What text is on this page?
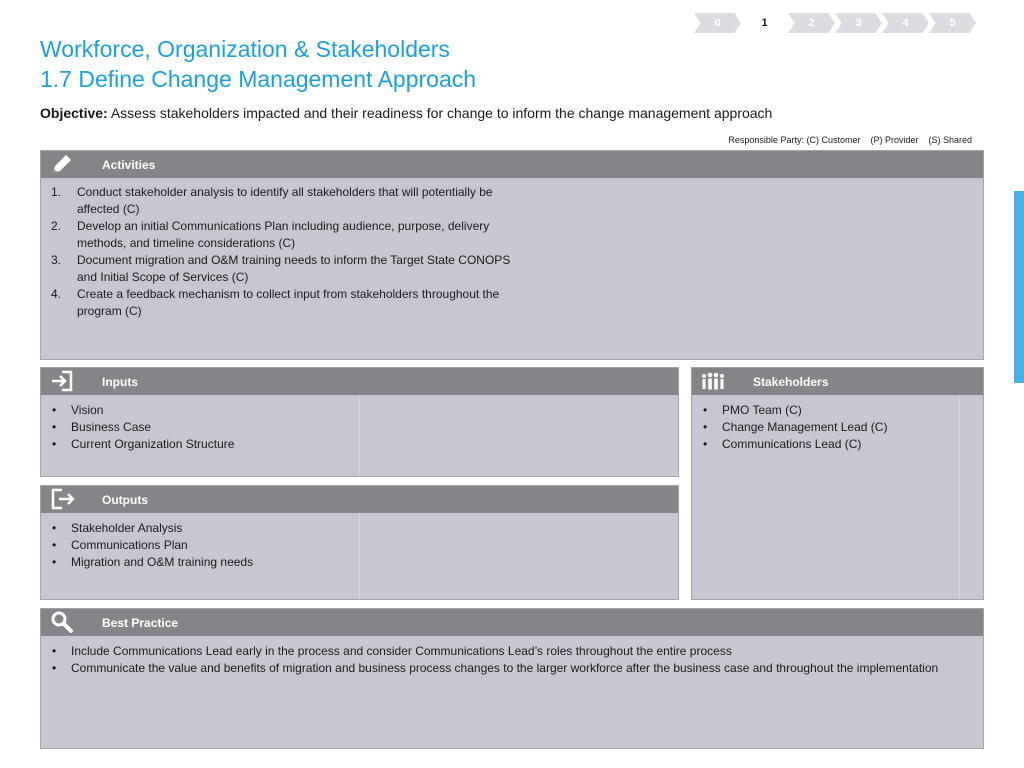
0	1	2	3	4	5
Workforce, Organization & Stakeholders
1.7 Define Change Management Approach
Objective: Assess stakeholders impacted and their readiness for change to inform the change management approach
Responsible Party: (C) Customer (P) Provider (S) Shared
Activities
1. Conduct stakeholder analysis to identify all stakeholders that will potentially be affected (C)
2. Develop an initial Communications Plan including audience, purpose, delivery methods, and timeline considerations (C)
3. Document migration and O&M training needs to inform the Target State CONOPS and Initial Scope of Services (C)
4. Create a feedback mechanism to collect input from stakeholders throughout the program (C)
Inputs
• Vision
• Business Case
• Current Organization Structure
Outputs
• Stakeholder Analysis
• Communications Plan
• Migration and O&M training needs
Stakeholders
• PMO Team (C)
• Change Management Lead (C)
• Communications Lead (C)
Best Practice
• Include Communications Lead early in the process and consider Communications Lead’s roles throughout the entire process
• Communicate the value and benefits of migration and business process changes to the larger workforce after the business case and throughout the implementation
